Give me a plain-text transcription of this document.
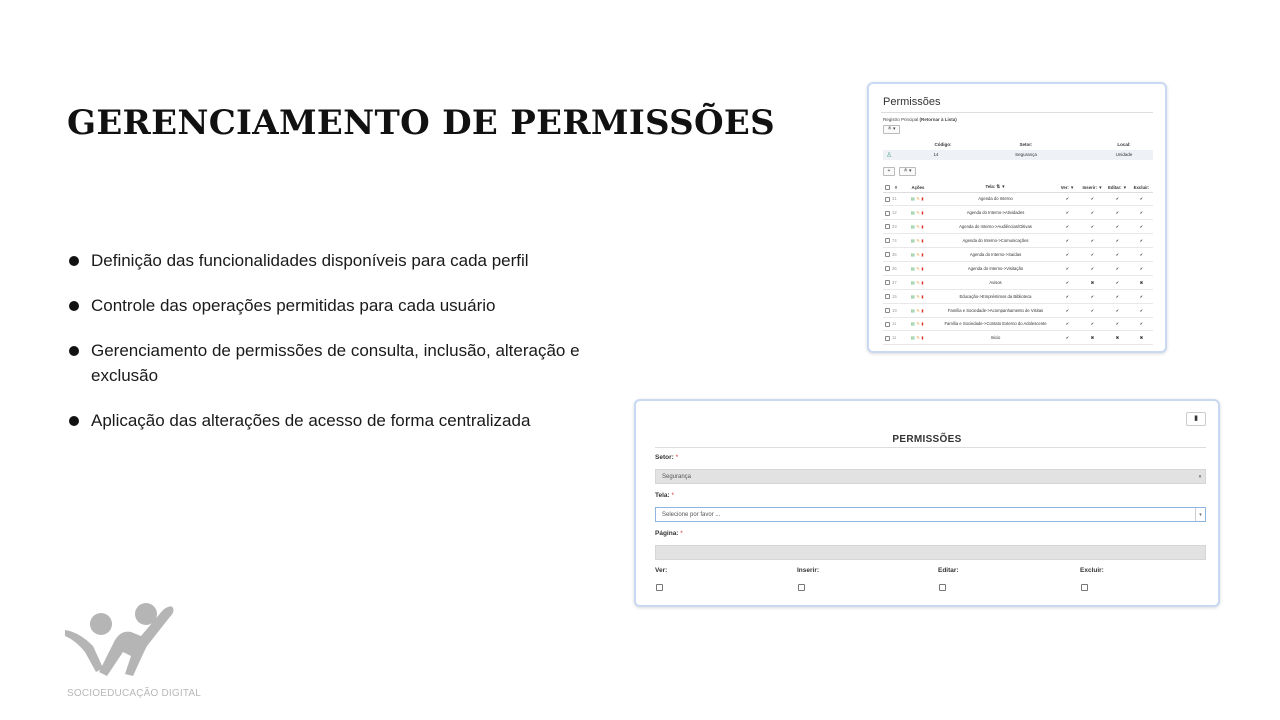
GERENCIAMENTO DE PERMISSÕES
Definição das funcionalidades disponíveis para cada perfil
Controle das operações permitidas para cada usuário
Gerenciamento de permissões de consulta, inclusão, alteração e exclusão
Aplicação das alterações de acesso de forma centralizada
SOCIOEDUCAÇÃO DIGITAL
Permissões
Registro Principal (Retornar à Lista)
≗ ▾
Código:	Setor:	Local:
♙	14	Segurança	Unidade
+	≗ ▾
	#	Ações	Tela: ⇅ ▼	Ver: ▼	Inserir: ▼	Editar: ▼	Excluir:
	31	▤✎▮	Agenda do Interno	✔	✔	✔	✔
	12	▤✎▮	Agenda do Interno->Atividades	✔	✔	✔	✔
	33	▤✎▮	Agenda do Interno->Audiências/Oitivas	✔	✔	✔	✔
	74	▤✎▮	Agenda do Interno->Comunicações	✔	✔	✔	✔
	35	▤✎▮	Agenda do Interno->Saídas	✔	✔	✔	✔
	36	▤✎▮	Agenda do Interno->Visitação	✔	✔	✔	✔
	37	▤✎▮	Avisos	✔	✖	✔	✖
	15	▤✎▮	Educação->Empréstimos da Biblioteca	✔	✔	✔	✔
	19	▤✎▮	Família e Sociedade->Acompanhamento de Visitas	✔	✔	✔	✔
	11	▤✎▮	Família e Sociedade->Contato Externo do Adolescente	✔	✔	✔	✔
	11	▤✎▮	Inicio	✔	✖	✖	✖
▮
PERMISSÕES
Setor: *
Segurança	▾
Tela: *
Selecione por favor ...	▾
Página: *
Ver:	Inserir:	Editar:	Excluir:
